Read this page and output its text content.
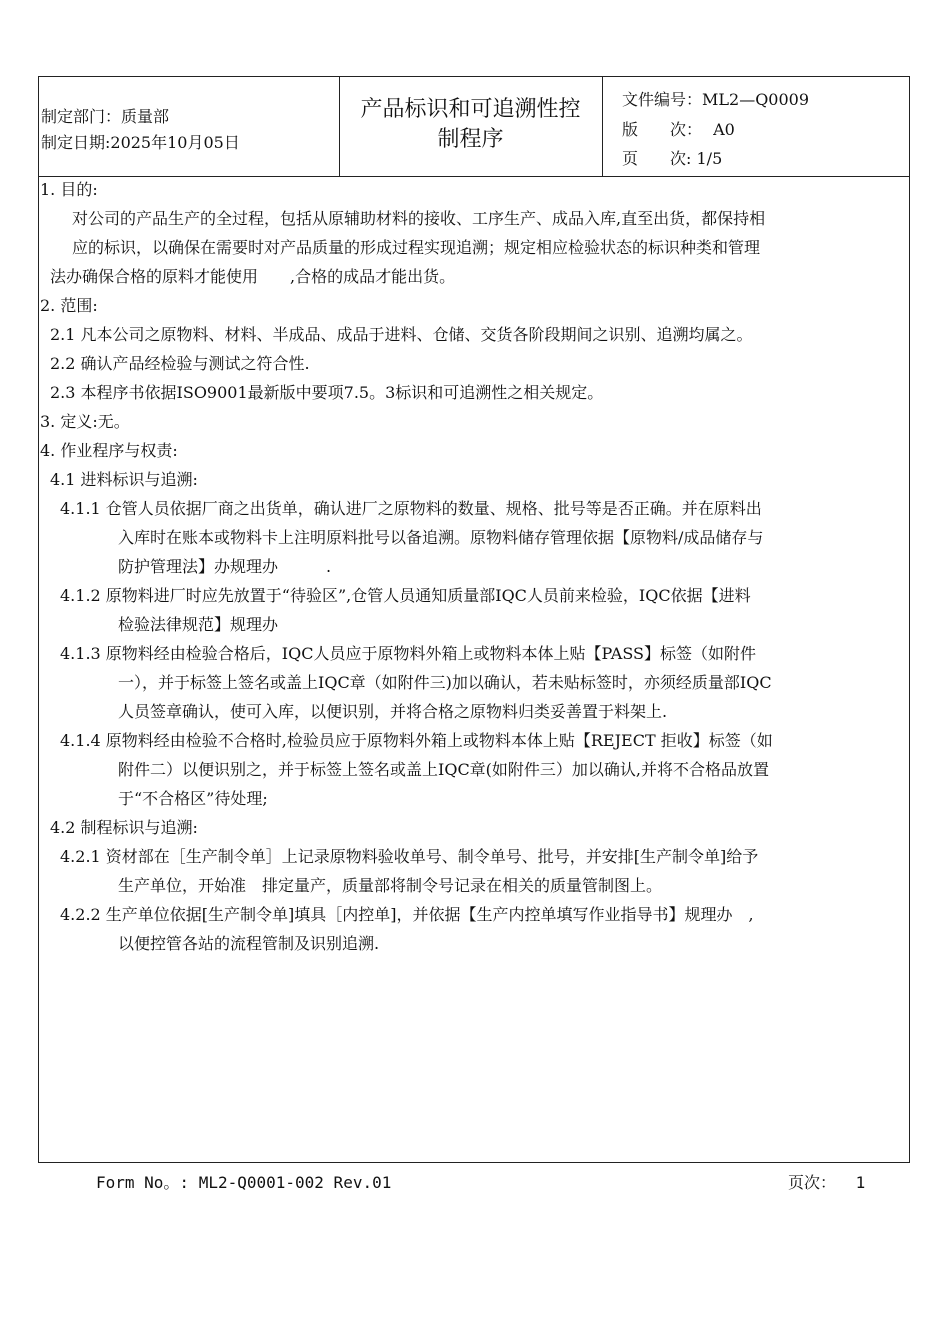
制定部门：质量部
制定日期:2025年10月05日
产品标识和可追溯性控
制程序
文件编号：ML2—Q0009
版　　次： A0
页　　次: 1/5
1. 目的:
对公司的产品生产的全过程，包括从原辅助材料的接收、工序生产、成品入库,直至出货，都保持相
应的标识，以确保在需要时对产品质量的形成过程实现追溯；规定相应检验状态的标识种类和管理
法办确保合格的原料才能使用　　,合格的成品才能出货。
2. 范围:
2.1 凡本公司之原物料、材料、半成品、成品于进料、仓储、交货各阶段期间之识别、追溯均属之。
2.2 确认产品经检验与测试之符合性.
2.3 本程序书依据ISO9001最新版中要项7.5。3标识和可追溯性之相关规定。
3. 定义:无。
4. 作业程序与权责:
4.1 进料标识与追溯:
4.1.1 仓管人员依据厂商之出货单，确认进厂之原物料的数量、规格、批号等是否正确。并在原料出
入库时在账本或物料卡上注明原料批号以备追溯。原物料储存管理依据【原物料/成品储存与
防护管理法】办规理办　　　.
4.1.2 原物料进厂时应先放置于“待验区”,仓管人员通知质量部IQC人员前来检验，IQC依据【进料
检验法律规范】规理办
4.1.3 原物料经由检验合格后，IQC人员应于原物料外箱上或物料本体上贴【PASS】标签（如附件
一），并于标签上签名或盖上IQC章（如附件三)加以确认，若未贴标签时，亦须经质量部IQC
人员签章确认，使可入库，以便识别，并将合格之原物料归类妥善置于料架上.
4.1.4 原物料经由检验不合格时,检验员应于原物料外箱上或物料本体上贴【REJECT 拒收】标签（如
附件二）以便识别之，并于标签上签名或盖上IQC章(如附件三）加以确认,并将不合格品放置
于“不合格区”待处理;
4.2 制程标识与追溯:
4.2.1 资材部在［生产制令单］上记录原物料验收单号、制令单号、批号，并安排[生产制令单]给予
生产单位，开始准　排定量产，质量部将制令号记录在相关的质量管制图上。
4.2.2 生产单位依据[生产制令单]填具［内控单]，并依据【生产内控单填写作业指导书】规理办　,
以便控管各站的流程管制及识别追溯.
Form No。: ML2-Q0001-002 Rev.01	页次： 1
